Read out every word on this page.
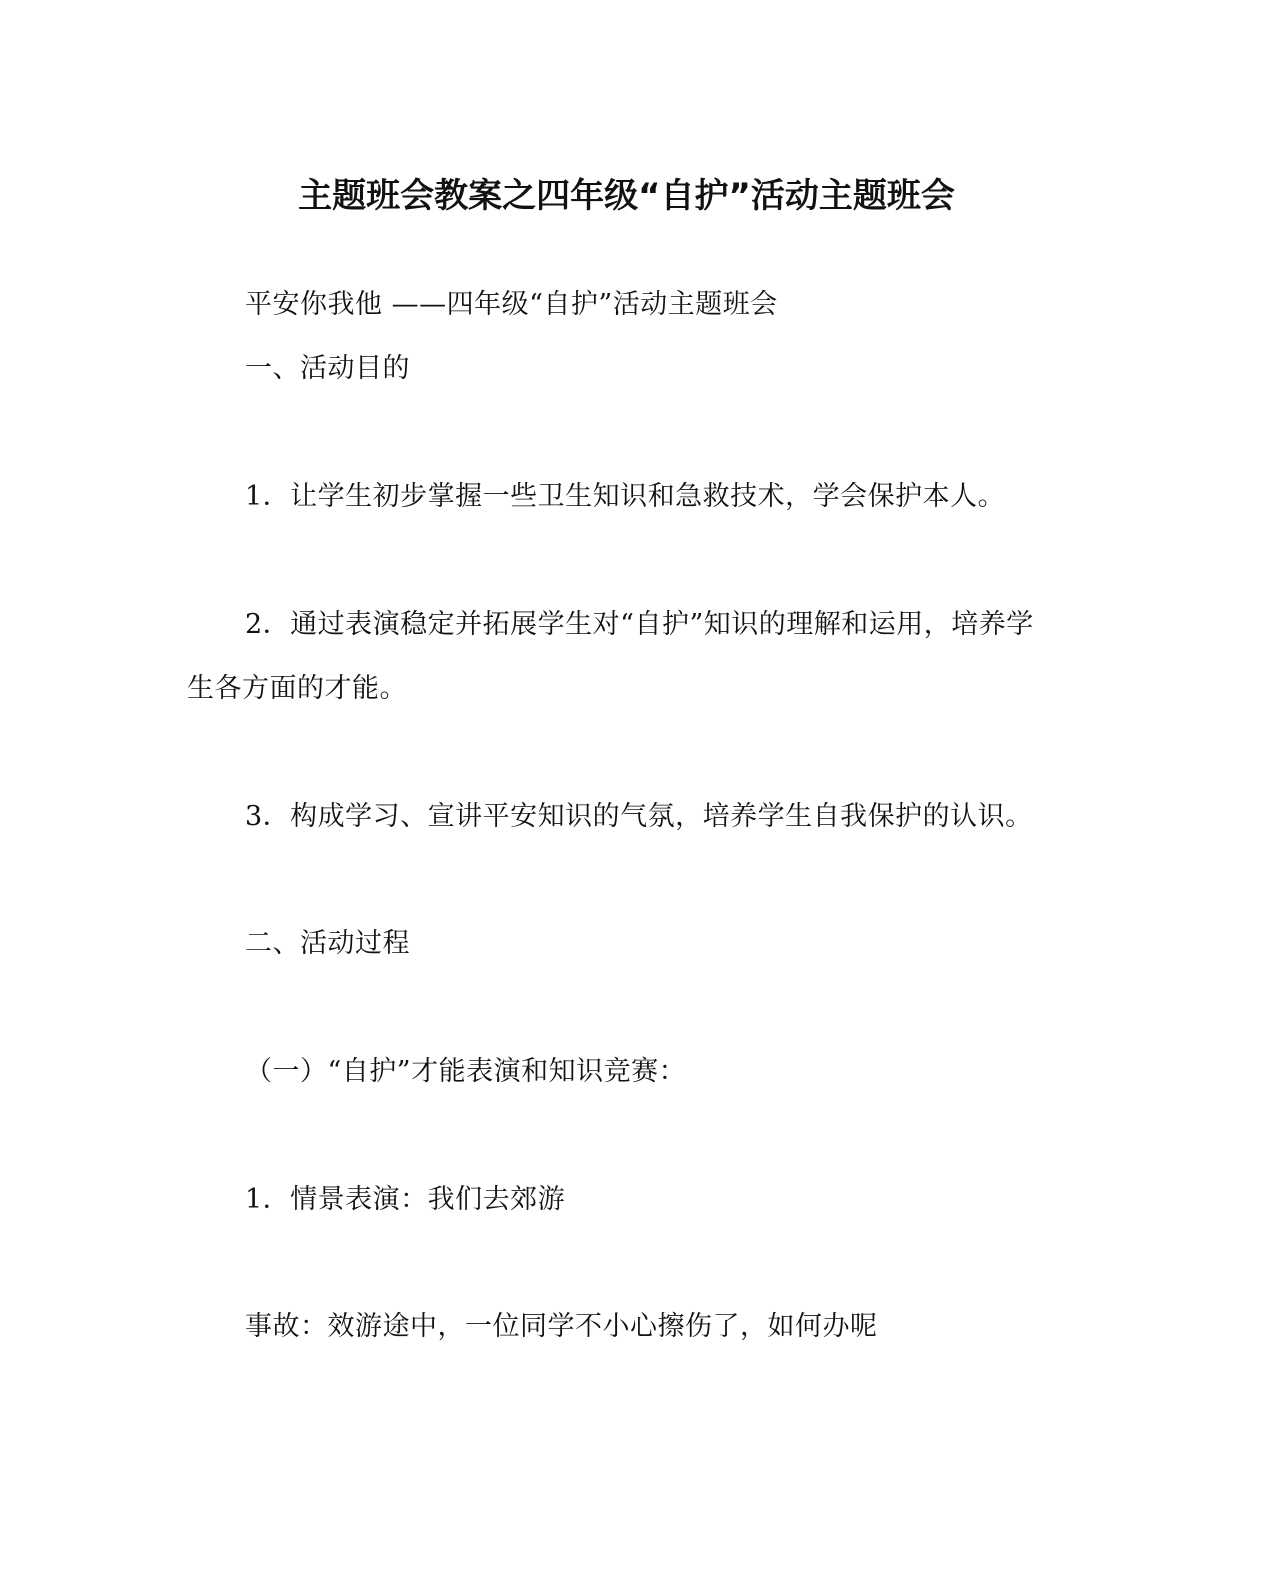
主题班会教案之四年级“自护”活动主题班会
平安你我他 ——四年级“自护”活动主题班会
一、活动目的
1．让学生初步掌握一些卫生知识和急救技术，学会保护本人。
2．通过表演稳定并拓展学生对“自护”知识的理解和运用，培养学
生各方面的才能。
3．构成学习、宣讲平安知识的气氛，培养学生自我保护的认识。
二、活动过程
（一）“自护”才能表演和知识竞赛：
1．情景表演：我们去郊游
事故：效游途中，一位同学不小心擦伤了，如何办呢
